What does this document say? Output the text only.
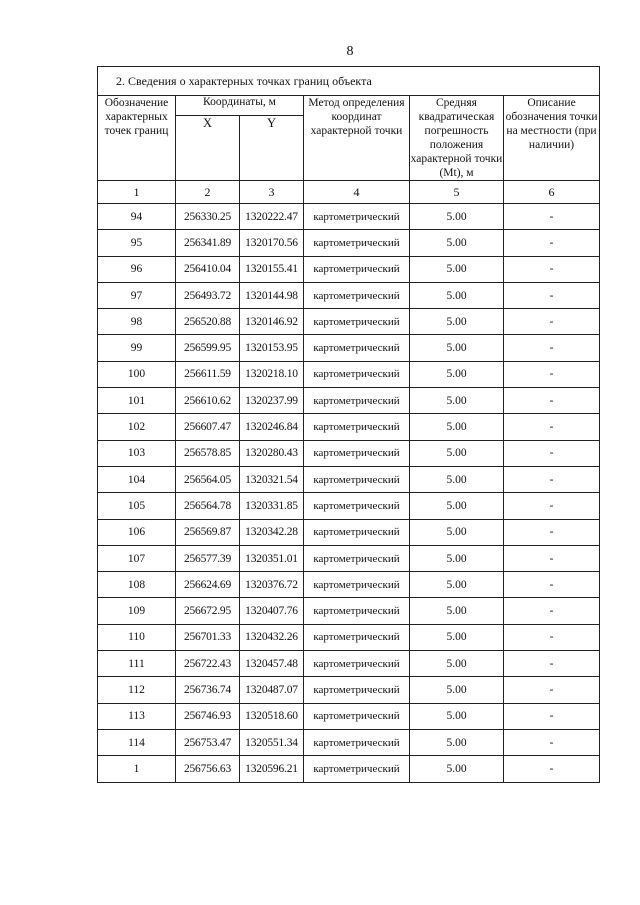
8
2. Сведения о характерных точках границ объекта					
Обозначение характерных точек границ	Координаты, м		Метод определения координат характерной точки	Средняя квадратическая погрешность положения характерной точки (Mt), м	Описание обозначения точки на местности (при наличии)
	X	Y			
1	2	3	4	5	6
94	256330.25	1320222.47	картометрический	5.00	-
95	256341.89	1320170.56	картометрический	5.00	-
96	256410.04	1320155.41	картометрический	5.00	-
97	256493.72	1320144.98	картометрический	5.00	-
98	256520.88	1320146.92	картометрический	5.00	-
99	256599.95	1320153.95	картометрический	5.00	-
100	256611.59	1320218.10	картометрический	5.00	-
101	256610.62	1320237.99	картометрический	5.00	-
102	256607.47	1320246.84	картометрический	5.00	-
103	256578.85	1320280.43	картометрический	5.00	-
104	256564.05	1320321.54	картометрический	5.00	-
105	256564.78	1320331.85	картометрический	5.00	-
106	256569.87	1320342.28	картометрический	5.00	-
107	256577.39	1320351.01	картометрический	5.00	-
108	256624.69	1320376.72	картометрический	5.00	-
109	256672.95	1320407.76	картометрический	5.00	-
110	256701.33	1320432.26	картометрический	5.00	-
111	256722.43	1320457.48	картометрический	5.00	-
112	256736.74	1320487.07	картометрический	5.00	-
113	256746.93	1320518.60	картометрический	5.00	-
114	256753.47	1320551.34	картометрический	5.00	-
1	256756.63	1320596.21	картометрический	5.00	-
